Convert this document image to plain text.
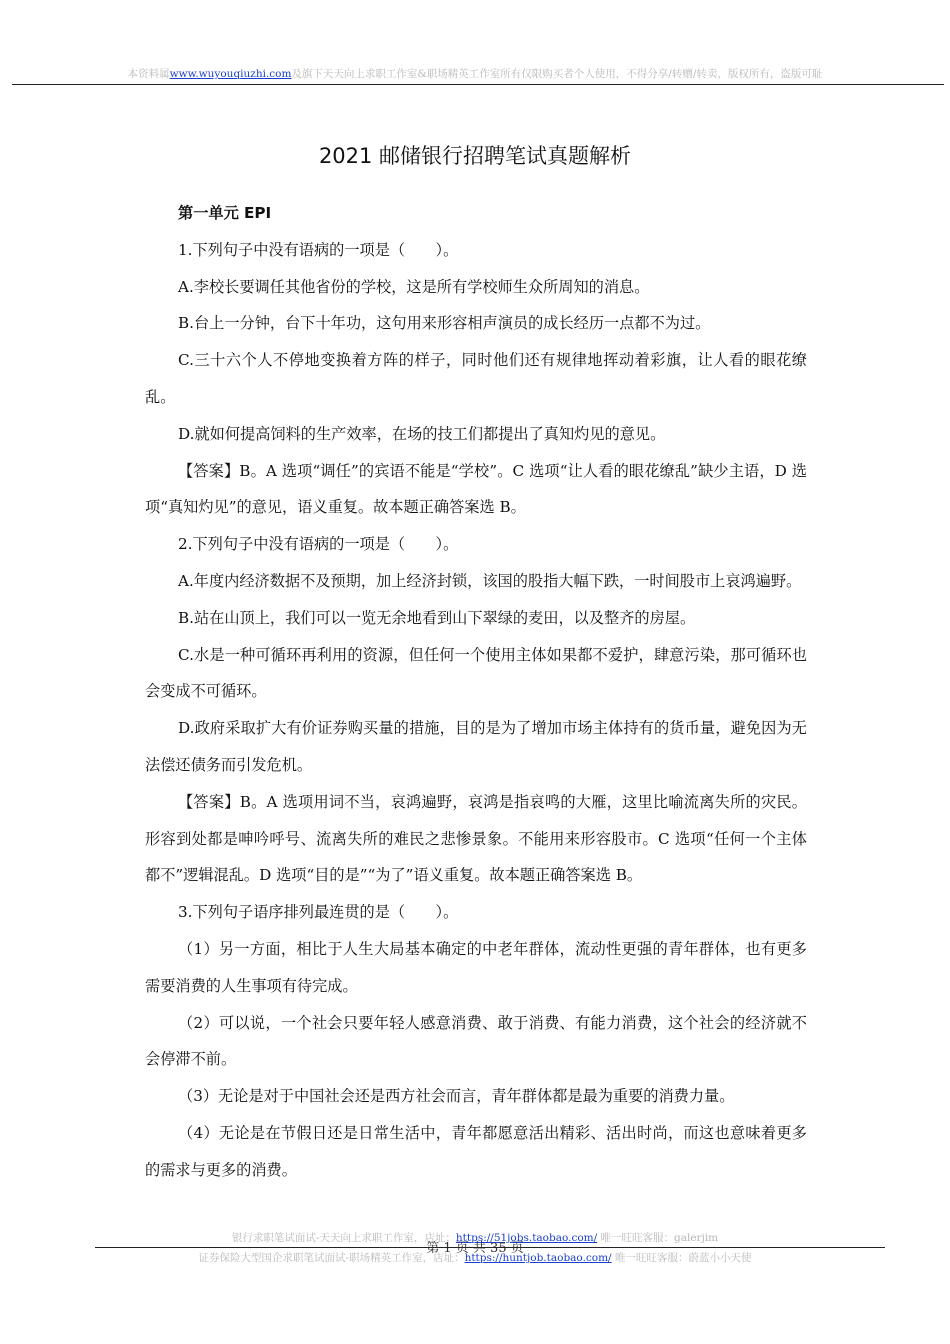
本资料属www.wuyouqiuzhi.com及旗下天天向上求职工作室&职场精英工作室所有仅限购买者个人使用，不得分享/转赠/转卖，版权所有，盗版可耻
2021 邮储银行招聘笔试真题解析

第一单元 EPI

1.下列句子中没有语病的一项是（　　）。

A.李校长要调任其他省份的学校，这是所有学校师生众所周知的消息。

B.台上一分钟，台下十年功，这句用来形容相声演员的成长经历一点都不为过。

C.三十六个人不停地变换着方阵的样子，同时他们还有规律地挥动着彩旗，让人看的眼花缭乱。

D.就如何提高饲料的生产效率，在场的技工们都提出了真知灼见的意见。

【答案】B。A 选项“调任”的宾语不能是“学校”。C 选项“让人看的眼花缭乱”缺少主语，D 选项“真知灼见”的意见，语义重复。故本题正确答案选 B。

2.下列句子中没有语病的一项是（　　）。

A.年度内经济数据不及预期，加上经济封锁，该国的股指大幅下跌，一时间股市上哀鸿遍野。

B.站在山顶上，我们可以一览无余地看到山下翠绿的麦田，以及整齐的房屋。

C.水是一种可循环再利用的资源，但任何一个使用主体如果都不爱护，肆意污染，那可循环也会变成不可循环。

D.政府采取扩大有价证券购买量的措施，目的是为了增加市场主体持有的货币量，避免因为无法偿还债务而引发危机。

【答案】B。A 选项用词不当，哀鸿遍野，哀鸿是指哀鸣的大雁，这里比喻流离失所的灾民。形容到处都是呻吟呼号、流离失所的难民之悲惨景象。不能用来形容股市。C 选项“任何一个主体都不”逻辑混乱。D 选项“目的是”“为了”语义重复。故本题正确答案选 B。

3.下列句子语序排列最连贯的是（　　）。

（1）另一方面，相比于人生大局基本确定的中老年群体，流动性更强的青年群体，也有更多需要消费的人生事项有待完成。

（2）可以说，一个社会只要年轻人感意消费、敢于消费、有能力消费，这个社会的经济就不会停滞不前。

（3）无论是对于中国社会还是西方社会而言，青年群体都是最为重要的消费力量。

（4）无论是在节假日还是日常生活中，青年都愿意活出精彩、活出时尚，而这也意味着更多的需求与更多的消费。

银行求职笔试面试-天天向上求职工作室，店址：https://51jobs.taobao.com/ 唯一旺旺客服：galerjim
第 1 页 共 35 页
证券保险大型国企求职笔试面试-职场精英工作室，店址：https://huntjob.taobao.com/ 唯一旺旺客服：蔚蓝小小天使
